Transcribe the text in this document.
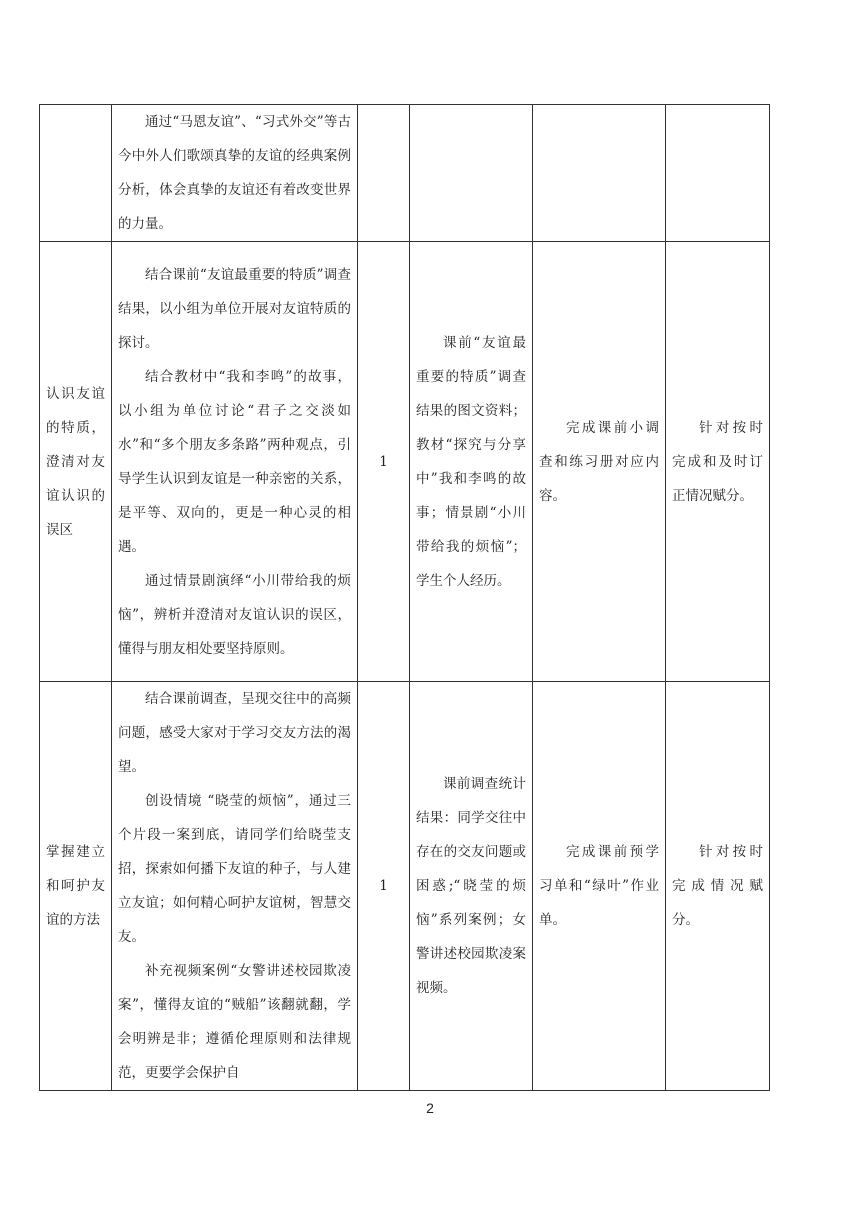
	通过“马恩友谊”、“习式外交”等古今中外人们歌颂真挚的友谊的经典案例分析，体会真挚的友谊还有着改变世界的力量。				

认识友谊的特质，澄清对友谊认识的误区	结合课前“友谊最重要的特质”调查结果，以小组为单位开展对友谊特质的探讨。

结合教材中“我和李鸣”的故事， 以小组为单位讨论“君子之交淡如水”和“多个朋友多条路”两种观点，引导学生认识到友谊是一种亲密的关系，是平等、双向的，更是一种心灵的相遇。

通过情景剧演绎“小川带给我的烦恼”，辨析并澄清对友谊认识的误区，懂得与朋友相处要坚持原则。	1	课前“友谊最重要的特质”调查结果的图文资料；教材“探究与分享中”我和李鸣的故事；情景剧“小川带给我的烦恼”；学生个人经历。	完成课前小调查和练习册对应内容。	针对按时完成和及时订正情况赋分。

掌握建立和呵护友谊的方法	结合课前调查，呈现交往中的高频问题，感受大家对于学习交友方法的渴望。

创设情境 “晓莹的烦恼”，通过三个片段一案到底，请同学们给晓莹支招，探索如何播下友谊的种子，与人建立友谊；如何精心呵护友谊树，智慧交友。

补充视频案例“女警讲述校园欺凌案”，懂得友谊的“贼船”该翻就翻，学会明辨是非；遵循伦理原则和法律规范，更要学会保护自	1	课前调查统计结果：同学交往中存在的交友问题或困惑;“晓莹的烦恼”系列案例；女警讲述校园欺凌案视频。	完成课前预学习单和“绿叶”作业单。	针对按时完成情况赋分。

2
